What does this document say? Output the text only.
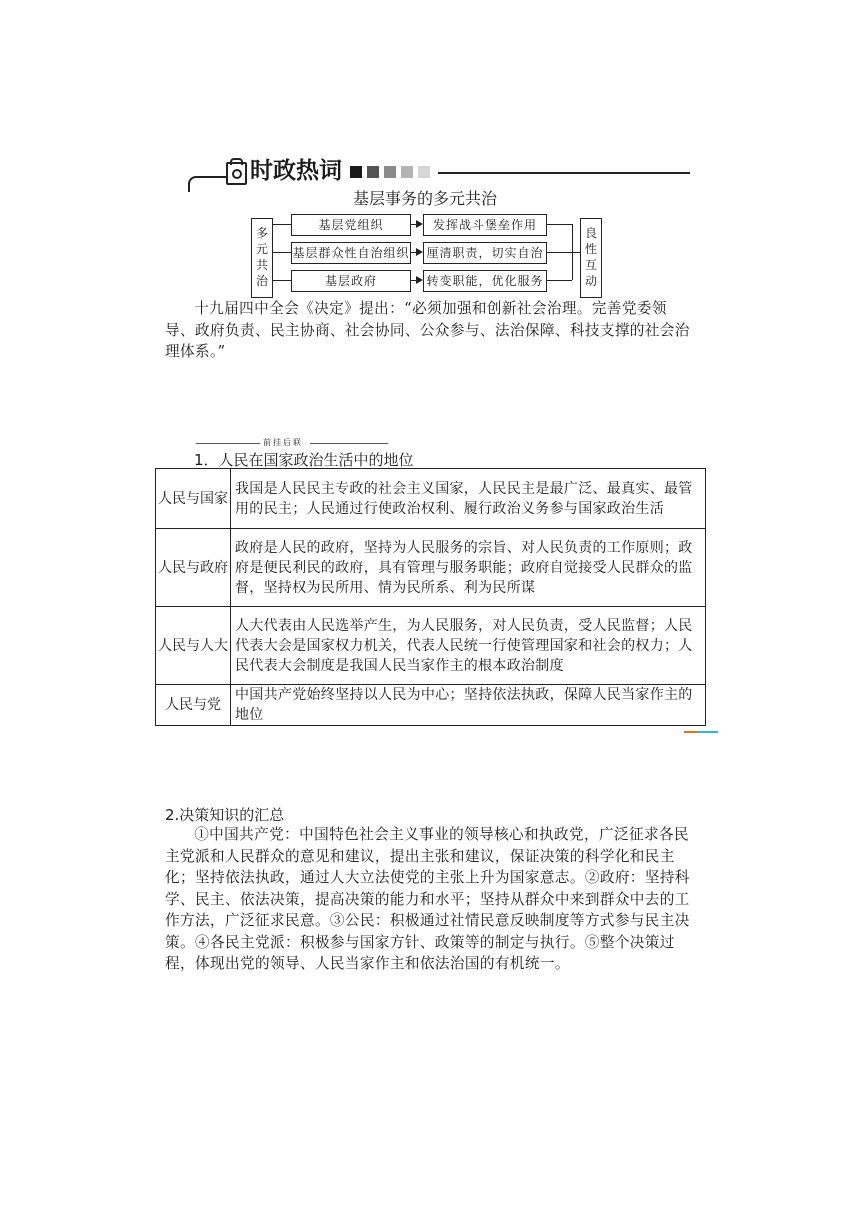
时政热词
基层事务的多元共治
多元共治
基层党组织
基层群众性自治组织
基层政府
发挥战斗堡垒作用
厘清职责，切实自治
转变职能，优化服务
良性互动
十九届四中全会《决定》提出：“必须加强和创新社会治理。完善党委领导、政府负责、民主协商、社会协同、公众参与、法治保障、科技支撑的社会治理体系。”
前挂后联
1．人民在国家政治生活中的地位
人民与国家	我国是人民民主专政的社会主义国家，人民民主是最广泛、最真实、最管用的民主；人民通过行使政治权利、履行政治义务参与国家政治生活
人民与政府	政府是人民的政府，坚持为人民服务的宗旨、对人民负责的工作原则；政府是便民利民的政府，具有管理与服务职能；政府自觉接受人民群众的监督，坚持权为民所用、情为民所系、利为民所谋
人民与人大	人大代表由人民选举产生，为人民服务，对人民负责，受人民监督；人民代表大会是国家权力机关，代表人民统一行使管理国家和社会的权力；人民代表大会制度是我国人民当家作主的根本政治制度
人民与党	中国共产党始终坚持以人民为中心；坚持依法执政，保障人民当家作主的地位
2.决策知识的汇总
①中国共产党：中国特色社会主义事业的领导核心和执政党，广泛征求各民主党派和人民群众的意见和建议，提出主张和建议，保证决策的科学化和民主化；坚持依法执政，通过人大立法使党的主张上升为国家意志。②政府：坚持科学、民主、依法决策，提高决策的能力和水平；坚持从群众中来到群众中去的工作方法，广泛征求民意。③公民：积极通过社情民意反映制度等方式参与民主决策。④各民主党派：积极参与国家方针、政策等的制定与执行。⑤整个决策过程，体现出党的领导、人民当家作主和依法治国的有机统一。
